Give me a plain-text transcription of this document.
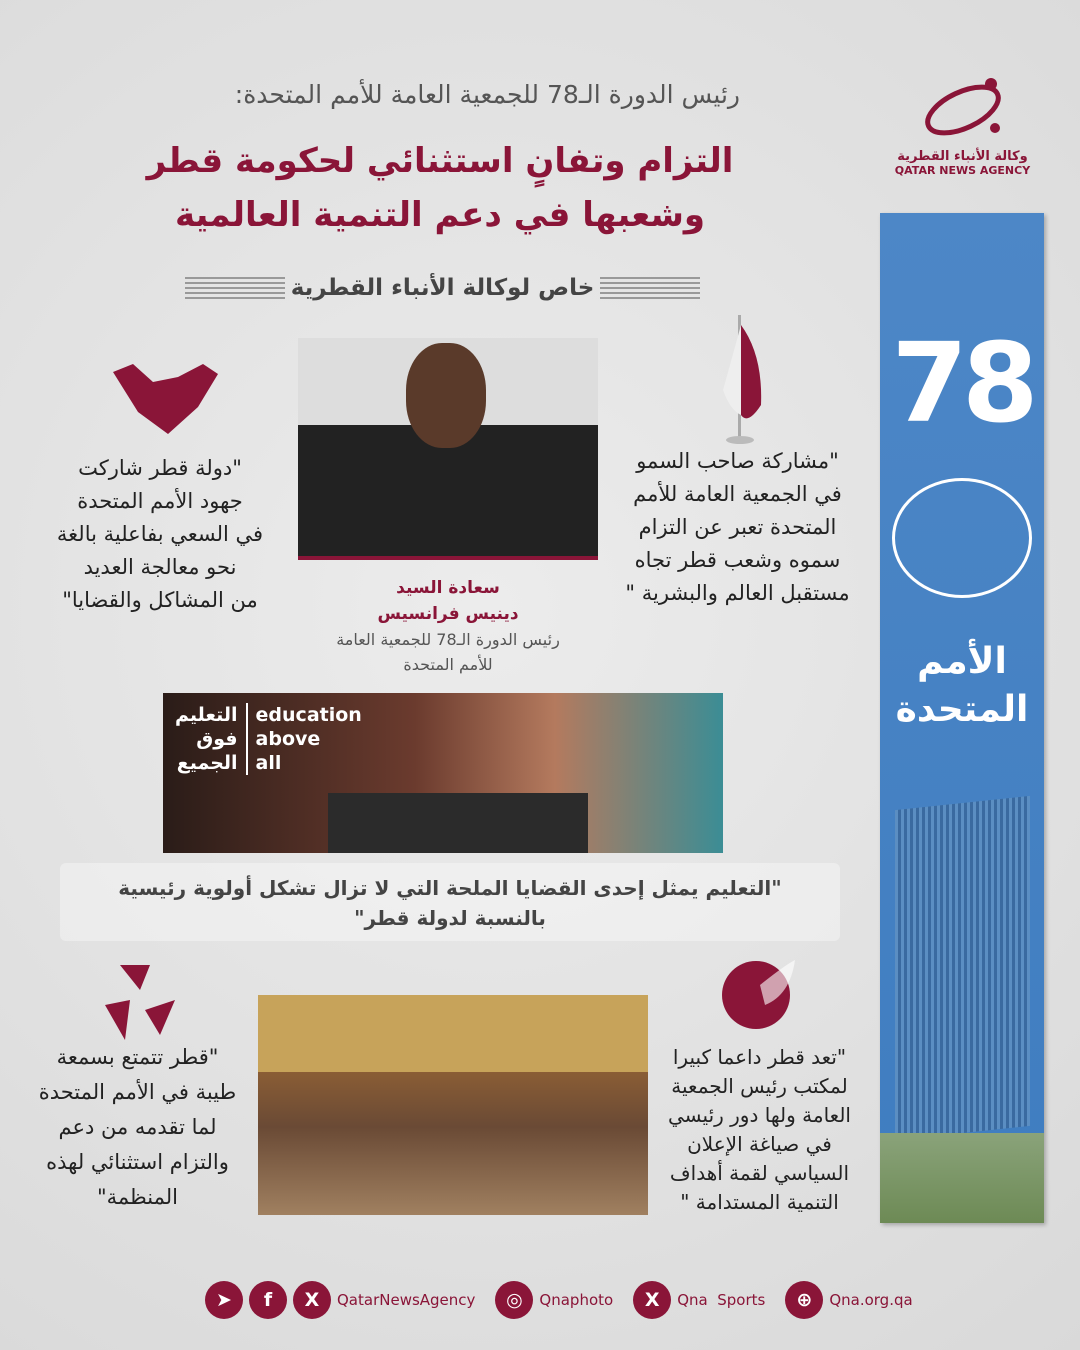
رئيس الدورة الـ78 للجمعية العامة للأمم المتحدة:
التزام وتفانٍ استثنائي لحكومة قطر
وشعبها في دعم التنمية العالمية
خاص لوكالة الأنباء القطرية
وكالة الأنباء القطرية
QATAR NEWS AGENCY
78
الأمم
المتحدة
"دولة قطر شاركت
جهود الأمم المتحدة
في السعي بفاعلية بالغة
نحو معالجة العديد
من المشاكل والقضايا"
"مشاركة صاحب السمو
في الجمعية العامة للأمم
المتحدة تعبر عن التزام
سموه وشعب قطر تجاه
مستقبل العالم والبشرية "
سعادة السيد
دينيس فرانسيس
رئيس الدورة الـ78 للجمعية العامة
للأمم المتحدة
التعليم
فوق
الجميع
education
above
all
"التعليم يمثل إحدى القضايا الملحة التي لا تزال تشكل أولوية رئيسية
بالنسبة لدولة قطر"
"قطر تتمتع بسمعة
طيبة في الأمم المتحدة
لما تقدمه من دعم
والتزام استثنائي لهذه
المنظمة"
"تعد قطر داعما كبيرا
لمكتب رئيس الجمعية
العامة ولها دور رئيسي
في صياغة الإعلان
السياسي لقمة أهداف
التنمية المستدامة "
➤	f	X	QatarNewsAgency	◎	Qnaphoto	X	Qna  Sports	⊕	Qna.org.qa
